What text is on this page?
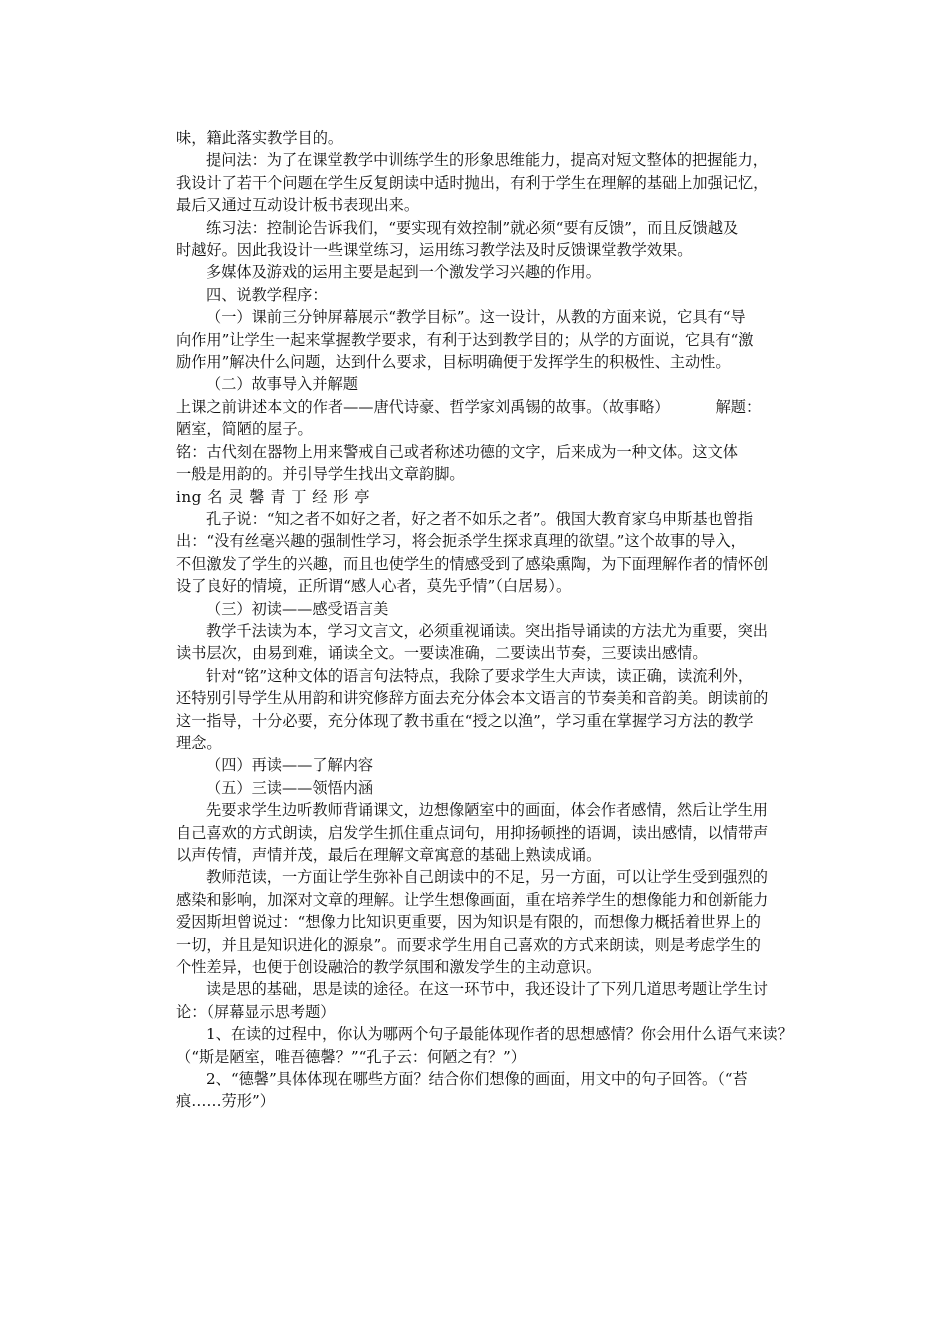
味，籍此落实教学目的。
提问法：为了在课堂教学中训练学生的形象思维能力，提高对短文整体的把握能力，
我设计了若干个问题在学生反复朗读中适时抛出，有利于学生在理解的基础上加强记忆，
最后又通过互动设计板书表现出来。
练习法：控制论告诉我们，“要实现有效控制”就必须“要有反馈”，而且反馈越及
时越好。因此我设计一些课堂练习，运用练习教学法及时反馈课堂教学效果。
多媒体及游戏的运用主要是起到一个激发学习兴趣的作用。
四、说教学程序：
（一）课前三分钟屏幕展示“教学目标”。这一设计，从教的方面来说，它具有“导
向作用”让学生一起来掌握教学要求，有利于达到教学目的；从学的方面说，它具有“激
励作用”解决什么问题，达到什么要求，目标明确便于发挥学生的积极性、主动性。
（二）故事导入并解题
上课之前讲述本文的作者——唐代诗豪、哲学家刘禹锡的故事。（故事略）	解题：
陋室，简陋的屋子。
铭：古代刻在器物上用来警戒自己或者称述功德的文字，后来成为一种文体。这文体
一般是用韵的。并引导学生找出文章韵脚。
ing 名 灵 馨 青 丁 经 形 亭
孔子说：“知之者不如好之者，好之者不如乐之者”。俄国大教育家乌申斯基也曾指
出：“没有丝毫兴趣的强制性学习，将会扼杀学生探求真理的欲望。”这个故事的导入，
不但激发了学生的兴趣，而且也使学生的情感受到了感染熏陶，为下面理解作者的情怀创
设了良好的情境，正所谓“感人心者，莫先乎情”（白居易）。
（三）初读——感受语言美
教学千法读为本，学习文言文，必须重视诵读。突出指导诵读的方法尤为重要，突出
读书层次，由易到难，诵读全文。一要读准确，二要读出节奏，三要读出感情。
针对“铭”这种文体的语言句法特点，我除了要求学生大声读，读正确，读流利外，
还特别引导学生从用韵和讲究修辞方面去充分体会本文语言的节奏美和音韵美。朗读前的
这一指导，十分必要，充分体现了教书重在“授之以渔”，学习重在掌握学习方法的教学
理念。
（四）再读——了解内容
（五）三读——领悟内涵
先要求学生边听教师背诵课文，边想像陋室中的画面，体会作者感情，然后让学生用
自己喜欢的方式朗读，启发学生抓住重点词句，用抑扬顿挫的语调，读出感情，以情带声
以声传情，声情并茂，最后在理解文章寓意的基础上熟读成诵。
教师范读，一方面让学生弥补自己朗读中的不足，另一方面，可以让学生受到强烈的
感染和影响，加深对文章的理解。让学生想像画面，重在培养学生的想像能力和创新能力
爱因斯坦曾说过：“想像力比知识更重要，因为知识是有限的，而想像力概括着世界上的
一切，并且是知识进化的源泉”。而要求学生用自己喜欢的方式来朗读，则是考虑学生的
个性差异，也便于创设融洽的教学氛围和激发学生的主动意识。
读是思的基础，思是读的途径。在这一环节中，我还设计了下列几道思考题让学生讨
论：（屏幕显示思考题）
1、在读的过程中，你认为哪两个句子最能体现作者的思想感情？你会用什么语气来读？
（“斯是陋室，唯吾德馨？”“孔子云：何陋之有？”）
2、“德馨”具体体现在哪些方面？结合你们想像的画面，用文中的句子回答。（“苔
痕……劳形”）
